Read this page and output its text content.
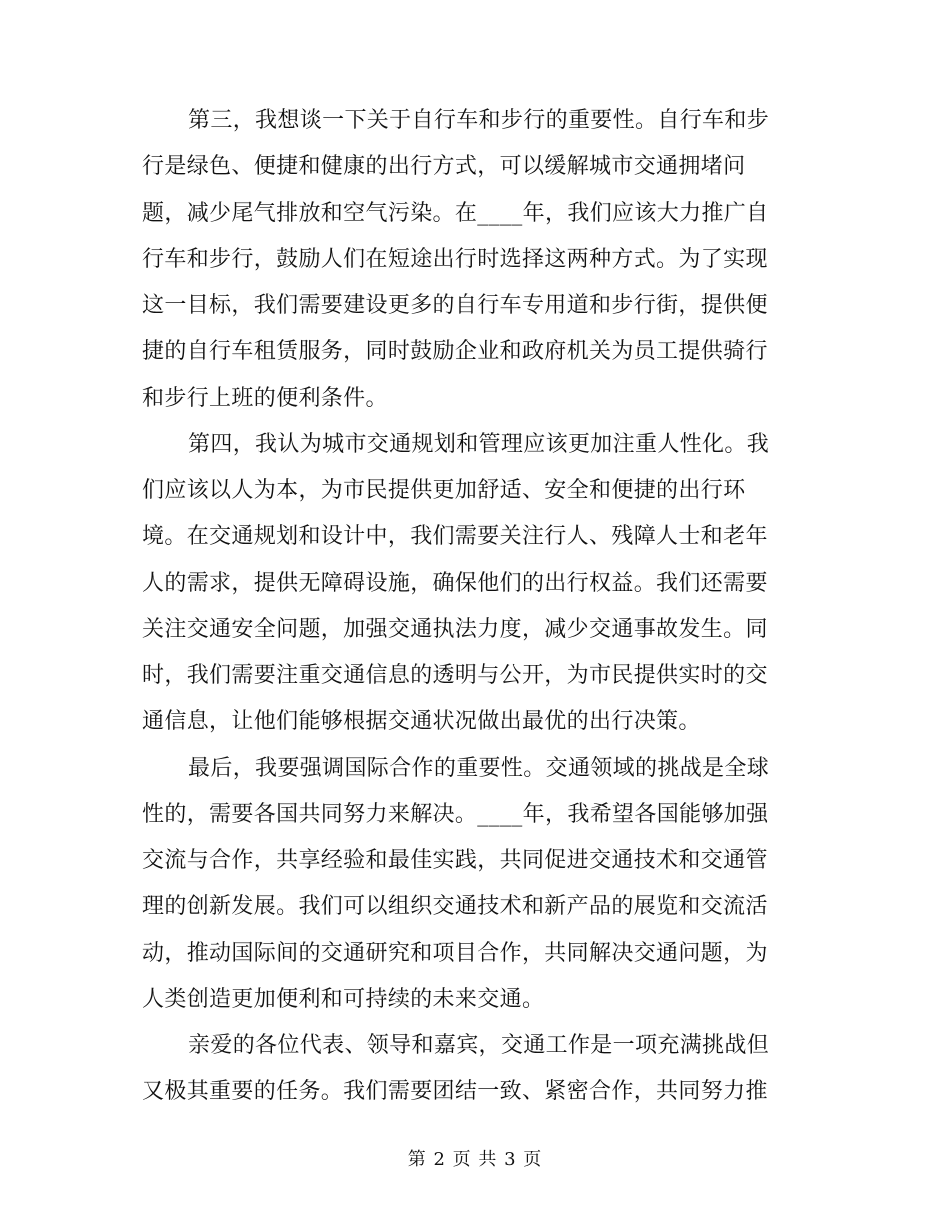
第三，我想谈一下关于自行车和步行的重要性。自行车和步
行是绿色、便捷和健康的出行方式，可以缓解城市交通拥堵问
题，减少尾气排放和空气污染。在____年，我们应该大力推广自
行车和步行，鼓励人们在短途出行时选择这两种方式。为了实现
这一目标，我们需要建设更多的自行车专用道和步行街，提供便
捷的自行车租赁服务，同时鼓励企业和政府机关为员工提供骑行
和步行上班的便利条件。
第四，我认为城市交通规划和管理应该更加注重人性化。我
们应该以人为本，为市民提供更加舒适、安全和便捷的出行环
境。在交通规划和设计中，我们需要关注行人、残障人士和老年
人的需求，提供无障碍设施，确保他们的出行权益。我们还需要
关注交通安全问题，加强交通执法力度，减少交通事故发生。同
时，我们需要注重交通信息的透明与公开，为市民提供实时的交
通信息，让他们能够根据交通状况做出最优的出行决策。
最后，我要强调国际合作的重要性。交通领域的挑战是全球
性的，需要各国共同努力来解决。____年，我希望各国能够加强
交流与合作，共享经验和最佳实践，共同促进交通技术和交通管
理的创新发展。我们可以组织交通技术和新产品的展览和交流活
动，推动国际间的交通研究和项目合作，共同解决交通问题，为
人类创造更加便利和可持续的未来交通。
亲爱的各位代表、领导和嘉宾，交通工作是一项充满挑战但
又极其重要的任务。我们需要团结一致、紧密合作，共同努力推
第 2 页 共 3 页
